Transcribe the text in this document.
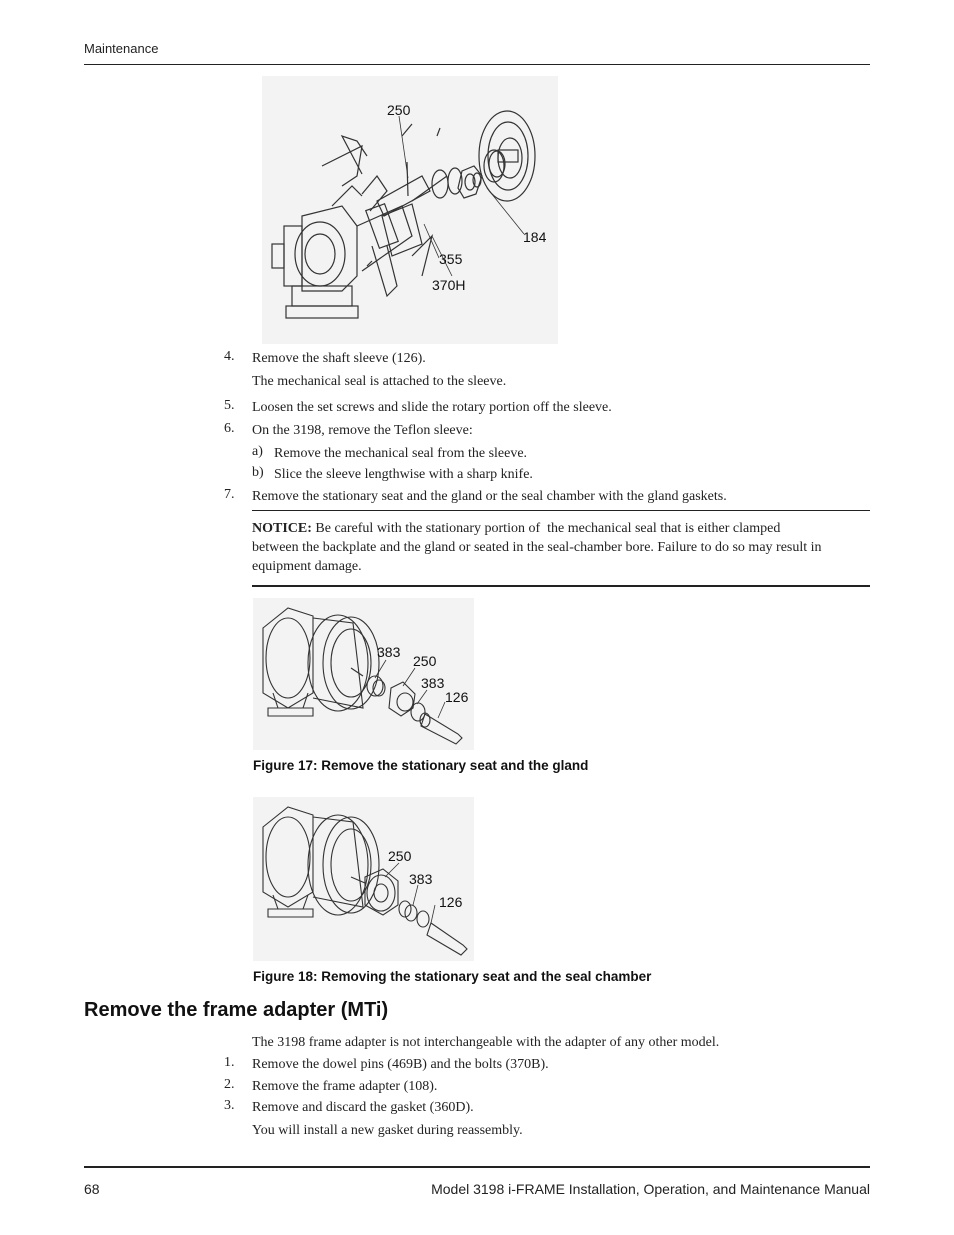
Maintenance
250
184
355
370H
4. Remove the shaft sleeve (126).
The mechanical seal is attached to the sleeve.
5. Loosen the set screws and slide the rotary portion off the sleeve.
6. On the 3198, remove the Teflon sleeve:
a) Remove the mechanical seal from the sleeve.
b) Slice the sleeve lengthwise with a sharp knife.
7. Remove the stationary seat and the gland or the seal chamber with the gland gaskets.
NOTICE: Be careful with the stationary portion of  the mechanical seal that is either clamped
between the backplate and the gland or seated in the seal-chamber bore. Failure to do so may result in
equipment damage.
383
250
383
126
Figure 17: Remove the stationary seat and the gland
250
383
126
Figure 18: Removing the stationary seat and the seal chamber
Remove the frame adapter (MTi)
The 3198 frame adapter is not interchangeable with the adapter of any other model.
1. Remove the dowel pins (469B) and the bolts (370B).
2. Remove the frame adapter (108).
3. Remove and discard the gasket (360D).
You will install a new gasket during reassembly.
68	Model 3198 i-FRAME Installation, Operation, and Maintenance Manual
